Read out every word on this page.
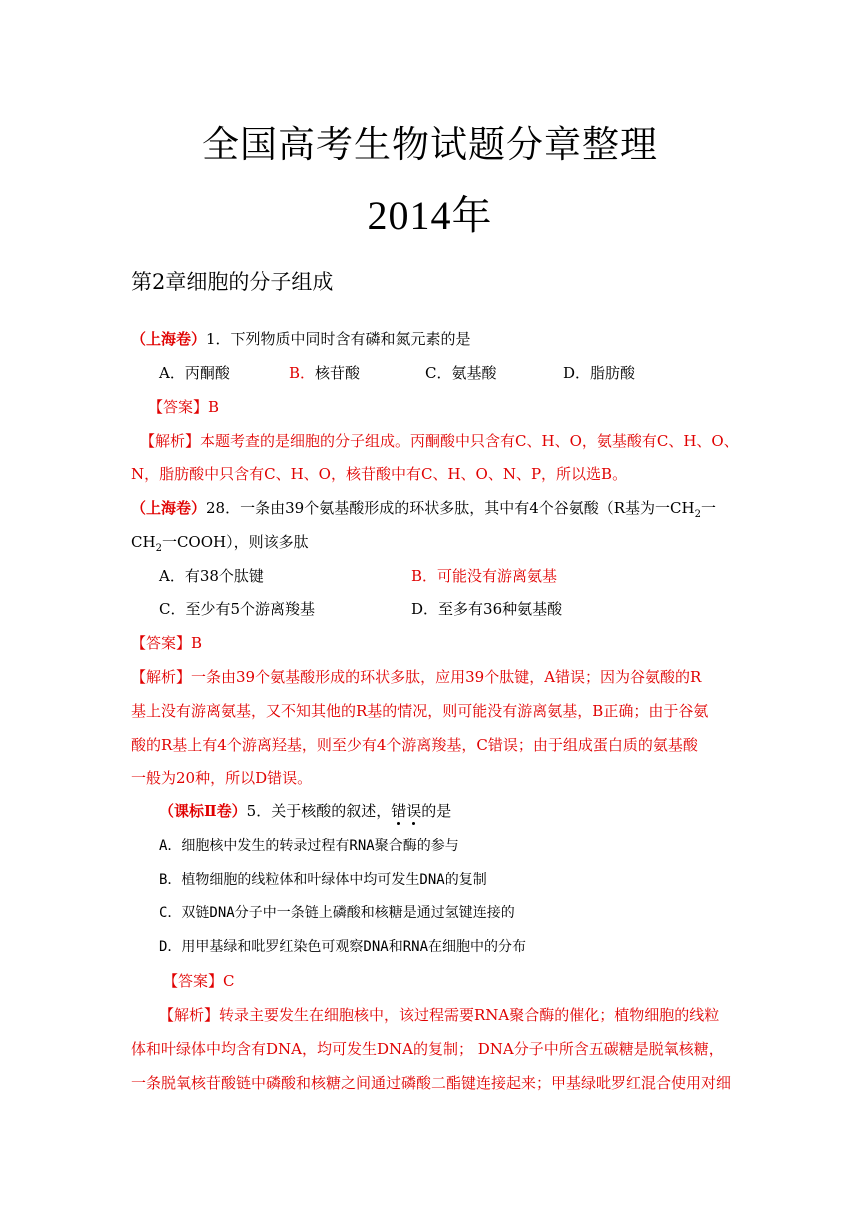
全国高考生物试题分章整理
2014年
第2章细胞的分子组成
（上海卷）1．下列物质中同时含有磷和氮元素的是
A．丙酮酸	B．核苷酸	C．氨基酸	D．脂肪酸
【答案】B
【解析】本题考查的是细胞的分子组成。丙酮酸中只含有C、H、O，氨基酸有C、H、O、
N，脂肪酸中只含有C、H、O，核苷酸中有C、H、O、N、P，所以选B。
（上海卷）28．一条由39个氨基酸形成的环状多肽，其中有4个谷氨酸（R基为一$CH_2$一
$CH_2$一COOH），则该多肽
A．有38个肽键	B．可能没有游离氨基
C．至少有5个游离羧基	D．至多有36种氨基酸
【答案】B
【解析】一条由39个氨基酸形成的环状多肽，应用39个肽键，A错误；因为谷氨酸的R
基上没有游离氨基，又不知其他的R基的情况，则可能没有游离氨基，B正确；由于谷氨
酸的R基上有4个游离羟基，则至少有4个游离羧基，C错误；由于组成蛋白质的氨基酸
一般为20种，所以D错误。
（课标Ⅱ卷）5．关于核酸的叙述，错误的是
A．细胞核中发生的转录过程有RNA聚合酶的参与
B．植物细胞的线粒体和叶绿体中均可发生DNA的复制
C．双链DNA分子中一条链上磷酸和核糖是通过氢键连接的
D．用甲基绿和吡罗红染色可观察DNA和RNA在细胞中的分布
【答案】C
【解析】转录主要发生在细胞核中，该过程需要RNA聚合酶的催化；植物细胞的线粒
体和叶绿体中均含有DNA，均可发生DNA的复制； DNA分子中所含五碳糖是脱氧核糖，
一条脱氧核苷酸链中磷酸和核糖之间通过磷酸二酯键连接起来；甲基绿吡罗红混合使用对细
